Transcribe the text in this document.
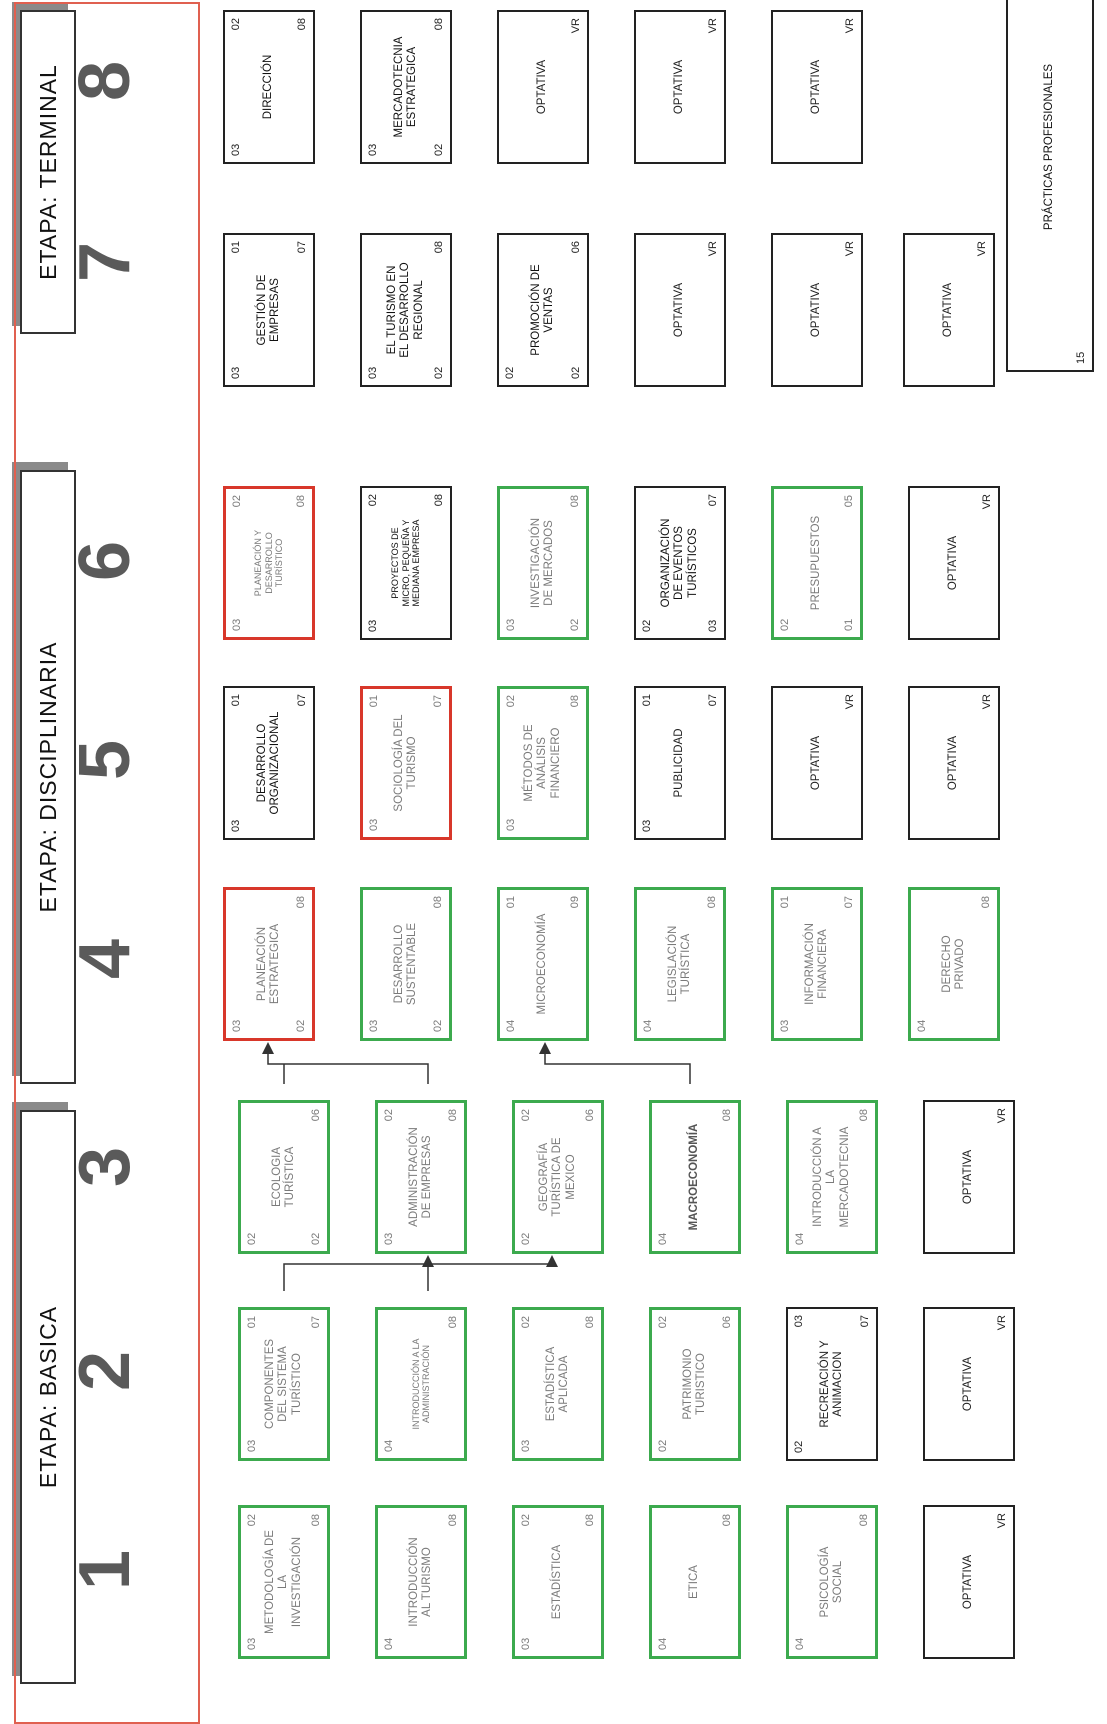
ETAPA: BASICA
ETAPA: DISCIPLINARIA
ETAPA: TERMINAL
1
2
3
4
5
6
7
8
03
02
METODOLOGÍA DE LA INVESTIGACIÓN
08
04
INTRODUCCIÓN AL TURISMO
08
03
02
ESTADÍSTICA
08
04
ETICA
08
04
PSICOLOGÍA SOCIAL
08
OPTATIVA
VR
03
01
COMPONENTES DEL SISTEMA TURÍSTICO
07
04
INTRODUCCIÓN A LA ADMINISTRACIÓN
08
03
02
ESTADÍSTICA APLICADA
08
02
02
PATRIMONIO TURISTICO
06
02
03
RECREACIÓN Y ANIMACION
07
OPTATIVA
VR
02
ECOLOGIA TURÍSTICA
02
06
03
02
ADMINISTRACIÓN DE EMPRESAS
08
02
02
GEOGRAFÍA TURÍSTICA DE MEXICO
06
04
MACROECONOMÍA
08
04
INTRODUCCIÓN A LA MERCADOTECNIA
08
OPTATIVA
VR
03
PLANEACIÓN ESTRATEGICA
02
08
03
DESARROLLO SUSTENTABLE
02
08
04
01
MICROECONOMÍA
09
04
LEGISLACIÓN TURÍSTICA
08
03
01
INFORMACIÓN FINANCIERA
07
04
DERECHO PRIVADO
08
03
01
DESARROLLO ORGANIZACIONAL
07
03
01
SOCIOLOGÍA DEL TURISMO
07
03
02
MÉTODOS DE ANÁLISIS FINANCIERO
08
03
01
PUBLICIDAD
07
OPTATIVA
VR
OPTATIVA
VR
03
02
PLANEACIÓN Y DESARROLLO TURÍSTICO
08
03
02
PROYECTOS DE MICRO, PEQUEÑA Y MEDIANA EMPRESA
08
03
INVESTIGACIÓN DE MERCADOS
02
08
02
ORGANIZACIÓN DE EVENTOS TURÍSTICOS
03
07
02
PRESUPUESTOS
01
05
OPTATIVA
VR
03
01
GESTIÓN DE EMPRESAS
07
03
EL TURISMO EN EL DESARROLLO REGIONAL
02
08
02
PROMOCIÓN DE VENTAS
02
06
OPTATIVA
VR
OPTATIVA
VR
OPTATIVA
VR
03
02
DIRECCIÓN
08
03
MERCADOTECNIA ESTRATEGICA
02
08
OPTATIVA
VR
OPTATIVA
VR
OPTATIVA
VR
PRÁCTICAS PROFESIONALES
15
